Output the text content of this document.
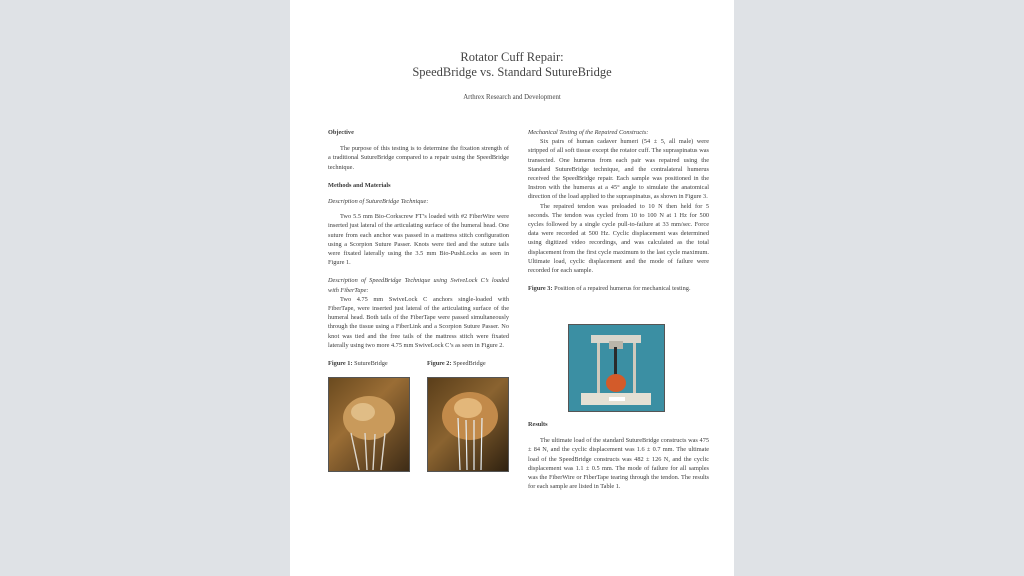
Rotator Cuff Repair:
SpeedBridge vs. Standard SutureBridge
Arthrex Research and Development
Objective

The purpose of this testing is to determine the fixation strength of a traditional SutureBridge compared to a repair using the SpeedBridge technique.

Methods and Materials
Description of SutureBridge Technique:

Two 5.5 mm Bio-Corkscrew FT’s loaded with #2 FiberWire were inserted just lateral of the articulating surface of the humeral head. One suture from each anchor was passed in a mattress stitch configuration using a Scorpion Suture Passer. Knots were tied and the suture tails were fixated laterally using the 3.5 mm Bio-PushLocks as seen in Figure 1.

Description of SpeedBridge Technique using SwiveLock C’s loaded with FiberTape:

Two 4.75 mm SwiveLock C anchors single-loaded with FiberTape, were inserted just lateral of the articulating surface of the humeral head. Both tails of the FiberTape were passed simultaneously through the tissue using a FiberLink and a Scorpion Suture Passer. No knot was tied and the free tails of the mattress stitch were fixated laterally using two more 4.75 mm SwiveLock C’s as seen in Figure 2.

Figure 1: SutureBridge	Figure 2: SpeedBridge
Mechanical Testing of the Repaired Constructs:

Six pairs of human cadaver humeri (54 ± 5, all male) were stripped of all soft tissue except the rotator cuff. The supraspinatus was transected. One humerus from each pair was repaired using the Standard SutureBridge technique, and the contralateral humerus received the SpeedBridge repair. Each sample was positioned in the Instron with the humerus at a 45° angle to simulate the anatomical direction of the load applied to the supraspinatus, as shown in Figure 3.

The repaired tendon was preloaded to 10 N then held for 5 seconds. The tendon was cycled from 10 to 100 N at 1 Hz for 500 cycles followed by a single cycle pull-to-failure at 33 mm/sec. Force data were recorded at 500 Hz. Cyclic displacement was determined using digitized video recordings, and was calculated as the total displacement from the first cycle maximum to the last cycle maximum. Ultimate load, cyclic displacement and the mode of failure were recorded for each sample.

Figure 3: Position of a repaired humerus for mechanical testing.
Results

The ultimate load of the standard SutureBridge constructs was 475 ± 84 N, and the cyclic displacement was 1.6 ± 0.7 mm. The ultimate load of the SpeedBridge constructs was 482 ± 126 N, and the cyclic displacement was 1.1 ± 0.5 mm. The mode of failure for all samples was the FiberWire or FiberTape tearing through the tendon. The results for each sample are listed in Table 1.
